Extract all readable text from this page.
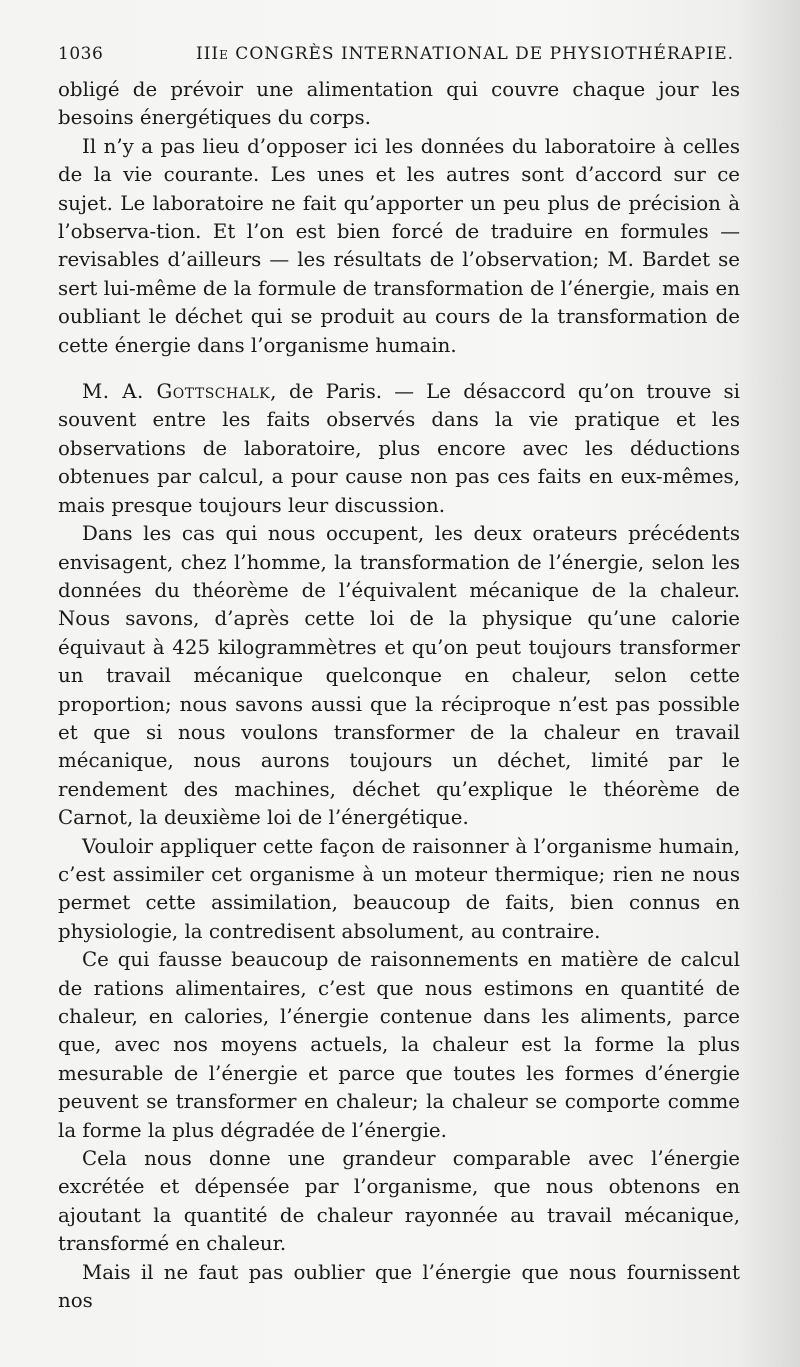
1036	IIIe CONGRÈS INTERNATIONAL DE PHYSIOTHÉRAPIE.

obligé de prévoir une alimentation qui couvre chaque jour les besoins énergétiques du corps.

Il n’y a pas lieu d’opposer ici les données du laboratoire à celles de la vie courante. Les unes et les autres sont d’accord sur ce sujet. Le laboratoire ne fait qu’apporter un peu plus de précision à l’observa-tion. Et l’on est bien forcé de traduire en formules — revisables d’ailleurs — les résultats de l’observation; M. Bardet se sert lui-même de la formule de transformation de l’énergie, mais en oubliant le déchet qui se produit au cours de la transformation de cette énergie dans l’organisme humain.

M. A. Gottschalk, de Paris. — Le désaccord qu’on trouve si souvent entre les faits observés dans la vie pratique et les observations de laboratoire, plus encore avec les déductions obtenues par calcul, a pour cause non pas ces faits en eux-mêmes, mais presque toujours leur discussion.

Dans les cas qui nous occupent, les deux orateurs précédents envisagent, chez l’homme, la transformation de l’énergie, selon les données du théorème de l’équivalent mécanique de la chaleur. Nous savons, d’après cette loi de la physique qu’une calorie équivaut à 425 kilogrammètres et qu’on peut toujours transformer un travail mécanique quelconque en chaleur, selon cette proportion; nous savons aussi que la réciproque n’est pas possible et que si nous voulons transformer de la chaleur en travail mécanique, nous aurons toujours un déchet, limité par le rendement des machines, déchet qu’explique le théorème de Carnot, la deuxième loi de l’énergétique.

Vouloir appliquer cette façon de raisonner à l’organisme humain, c’est assimiler cet organisme à un moteur thermique; rien ne nous permet cette assimilation, beaucoup de faits, bien connus en physiologie, la contredisent absolument, au contraire.

Ce qui fausse beaucoup de raisonnements en matière de calcul de rations alimentaires, c’est que nous estimons en quantité de chaleur, en calories, l’énergie contenue dans les aliments, parce que, avec nos moyens actuels, la chaleur est la forme la plus mesurable de l’énergie et parce que toutes les formes d’énergie peuvent se transformer en chaleur; la chaleur se comporte comme la forme la plus dégradée de l’énergie.

Cela nous donne une grandeur comparable avec l’énergie excrétée et dépensée par l’organisme, que nous obtenons en ajoutant la quantité de chaleur rayonnée au travail mécanique, transformé en chaleur.

Mais il ne faut pas oublier que l’énergie que nous fournissent nos
